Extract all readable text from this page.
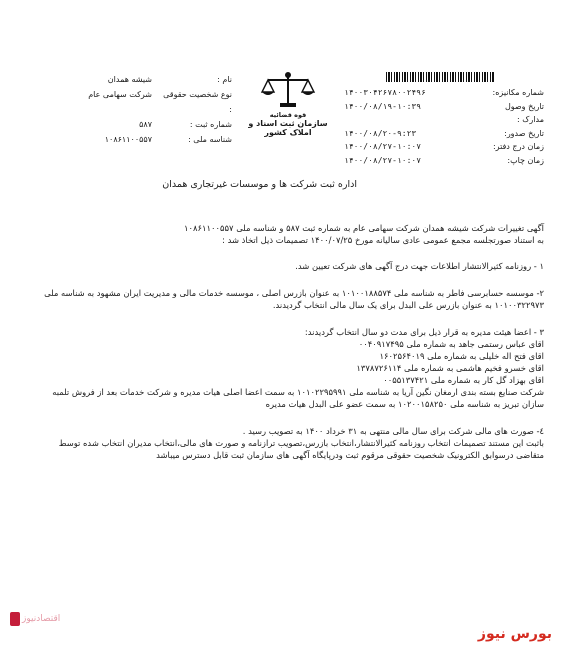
شماره مکانیزه:
۱۴۰۰۳۰۴۲۶۷۸۰۰۲۴۹۶
تاریخ وصول مدارک :
۱۴۰۰/۰۸/۱۹-۱۰:۳۹
تاریخ صدور:
۱۴۰۰/۰۸/۲۰-۹:۲۳
زمان درج دفتر:
۱۴۰۰/۰۸/۲۷-۱۰:۰۷
زمان چاپ:
۱۴۰۰/۰۸/۲۷-۱۰:۰۷
قوه قضائیه
سازمان ثبت اسناد و املاک کشور
نام :
شیشه همدان
نوع شخصیت حقوقی :
شرکت سهامی عام
شماره ثبت :
۵۸۷
شناسه ملی :
۱۰۸۶۱۱۰۰۵۵۷
اداره ثبت شرکت ها و موسسات غیرتجاری همدان

آگهی تغییرات شرکت شیشه همدان شرکت سهامی عام به شماره ثبت ۵۸۷ و شناسه ملی ۱۰۸۶۱۱۰۰۵۵۷

به استناد صورتجلسه مجمع عمومی عادی سالیانه مورخ ۱۴۰۰/۰۷/۲۵ تصمیمات ذیل اتخاذ شد :

۱ - روزنامه کثیرالانتشار اطلاعات جهت درج آگهی های شرکت تعیین شد.

۲- موسسه حسابرسی فاطر به شناسه ملی ۱۰۱۰۰۱۸۸۵۷۴ به عنوان بازرس اصلی ، موسسه خدمات مالی و مدیریت ایران مشهود به شناسه ملی

۱۰۱۰۰۳۲۲۹۷۳ به عنوان بازرس علی البدل برای یک سال مالی انتخاب گردیدند.

۳ - اعضا هیئت مدیره به قرار ذیل برای مدت دو سال انتخاب گردیدند:

اقای عباس رستمی جاهد به شماره ملی ۰۰۴۰۹۱۷۴۹۵

اقای فتح اله خلیلی به شماره ملی ۱۶۰۲۵۶۴۰۱۹

اقای خسرو فخیم هاشمی به شماره ملی ۱۳۷۸۷۲۶۱۱۴

اقای بهزاد گل کار به شماره ملی ۰۰۵۵۱۳۷۴۲۱

شرکت صنایع بسته بندی ارمغان نگین آریا به شناسه ملی ۱۰۱۰۲۲۹۵۹۹۱ به سمت اعضا اصلی هیات مدیره و شرکت خدمات بعد از فروش تلمبه

سازان تبریز به شناسه ملی ۱۰۲۰۰۱۵۸۲۵۰ به سمت عضو علی البدل هیات مدیره

٤- صورت های مالی شرکت برای سال مالی منتهی به ۳۱ خرداد ۱۴۰۰ به تصویب رسید .

باثبت این مستند تصمیمات انتخاب روزنامه کثیرالانتشار،انتخاب بازرس،تصویب ترازنامه و صورت های مالی،انتخاب مدیران انتخاب شده توسط

متقاضی درسوابق الکترونیک شخصیت حقوقی مرقوم ثبت ودرپایگاه آگهی های سازمان ثبت قابل دسترس میباشد

اقتصادنیوز
بورس نیوز
